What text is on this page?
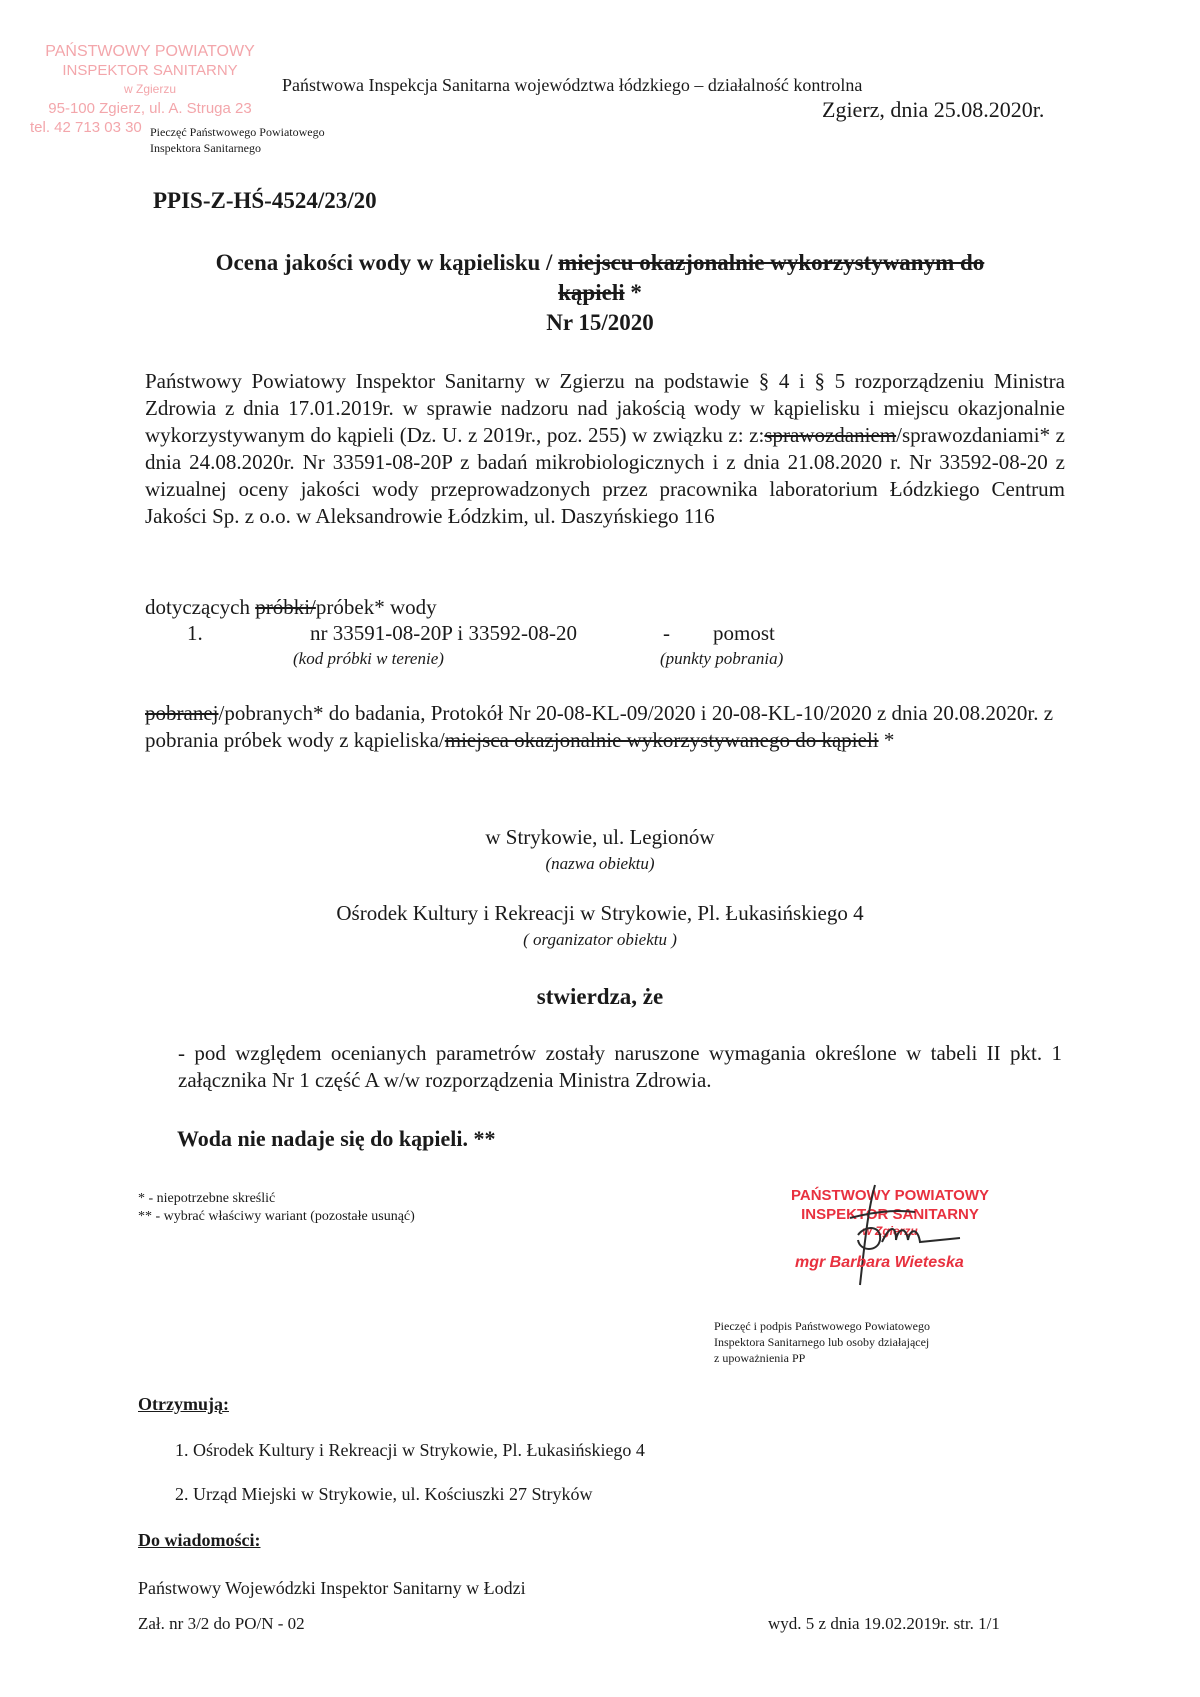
PAŃSTWOWY POWIATOWY
INSPEKTOR SANITARNY
w Zgierzu
95-100 Zgierz, ul. A. Struga 23
tel. 42 713 03 30 Pieczęć Państwowego Powiatowego
Inspektora Sanitarnego
Państwowa Inspekcja Sanitarna województwa łódzkiego – działalność kontrolna
Zgierz, dnia 25.08.2020r.
PPIS-Z-HŚ-4524/23/20
Ocena jakości wody w kąpielisku / miejscu okazjonalnie wykorzystywanym do
kąpieli *
Nr 15/2020
Państwowy Powiatowy Inspektor Sanitarny w Zgierzu na podstawie § 4 i § 5 rozporządzeniu Ministra Zdrowia z dnia 17.01.2019r. w sprawie nadzoru nad jakością wody w kąpielisku i miejscu okazjonalnie wykorzystywanym do kąpieli (Dz. U. z 2019r., poz. 255) w związku z: z:sprawozdaniem/sprawozdaniami* z dnia 24.08.2020r. Nr 33591-08-20P z badań mikrobiologicznych i z dnia 21.08.2020 r. Nr 33592-08-20 z wizualnej oceny jakości wody przeprowadzonych przez pracownika laboratorium Łódzkiego Centrum Jakości Sp. z o.o. w Aleksandrowie Łódzkim, ul. Daszyńskiego 116
dotyczących próbki/próbek* wody
1.	nr 33591-08-20P i 33592-08-20	- pomost
(kod próbki w terenie)	(punkty pobrania)
pobranej/pobranych* do badania, Protokół Nr 20-08-KL-09/2020 i 20-08-KL-10/2020 z dnia 20.08.2020r. z pobrania próbek wody z kąpieliska/miejsca okazjonalnie wykorzystywanego do kąpieli *
w Strykowie, ul. Legionów
(nazwa obiektu)
Ośrodek Kultury i Rekreacji w Strykowie, Pl. Łukasińskiego 4
( organizator obiektu )
stwierdza, że
- pod względem ocenianych parametrów zostały naruszone wymagania określone w tabeli II pkt. 1 załącznika Nr 1 część A w/w rozporządzenia Ministra Zdrowia.
Woda nie nadaje się do kąpieli. **
* - niepotrzebne skreślić
** - wybrać właściwy wariant (pozostałe usunąć)
PAŃSTWOWY POWIATOWY
INSPEKTOR SANITARNY
w Zgierzu
mgr Barbara Wieteska
Pieczęć i podpis Państwowego Powiatowego
Inspektora Sanitarnego lub osoby działającej
z upoważnienia PP
Otrzymują:
1. Ośrodek Kultury i Rekreacji w Strykowie, Pl. Łukasińskiego 4
2. Urząd Miejski w Strykowie, ul. Kościuszki 27 Stryków
Do wiadomości:
Państwowy Wojewódzki Inspektor Sanitarny w Łodzi
Zał. nr 3/2 do PO/N - 02	wyd. 5 z dnia 19.02.2019r. str. 1/1
